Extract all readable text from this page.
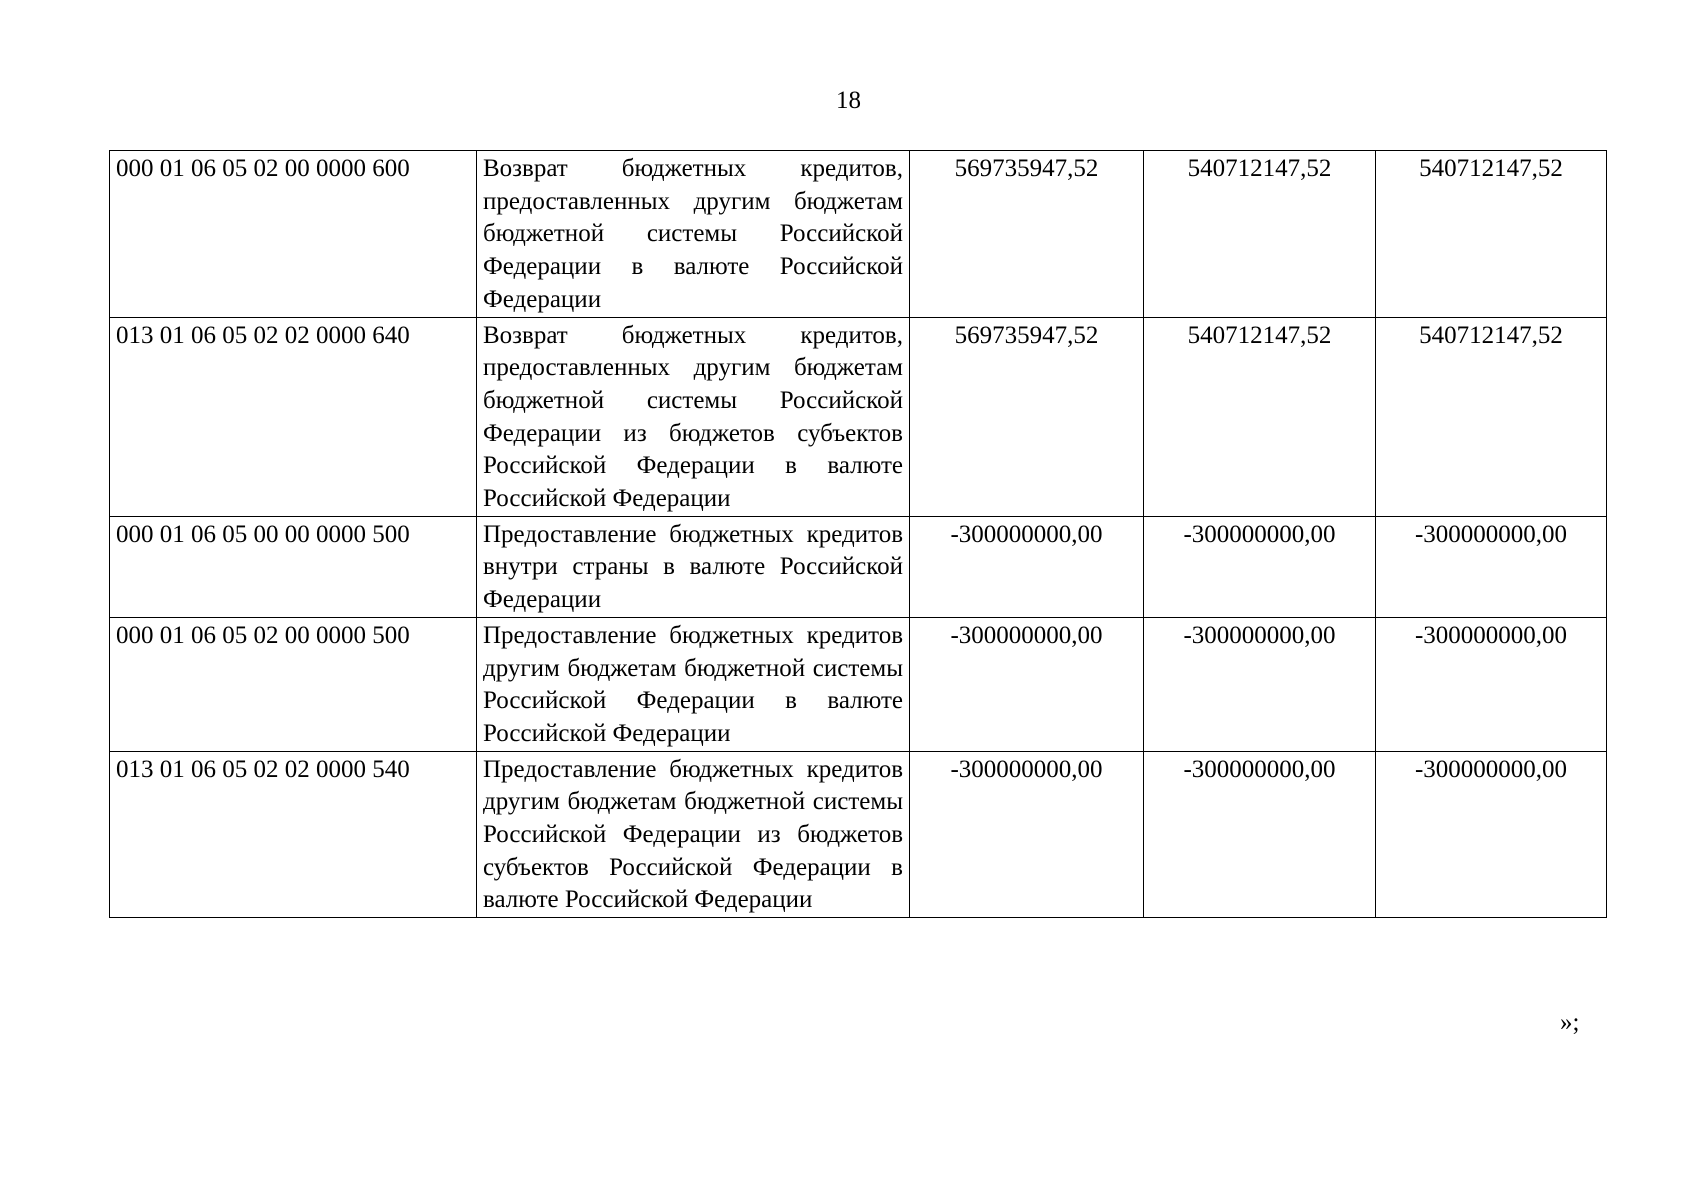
18
000 01 06 05 02 00 0000 600	Возврат бюджетных кредитов, предоставленных другим бюджетам бюджетной системы Российской Федерации в валюте Российской Федерации	569735947,52	540712147,52	540712147,52
013 01 06 05 02 02 0000 640	Возврат бюджетных кредитов, предоставленных другим бюджетам бюджетной системы Российской Федерации из бюджетов субъектов Российской Федерации в валюте Российской Федерации	569735947,52	540712147,52	540712147,52
000 01 06 05 00 00 0000 500	Предоставление бюджетных кредитов внутри страны в валюте Российской Федерации	-300000000,00	-300000000,00	-300000000,00
000 01 06 05 02 00 0000 500	Предоставление бюджетных кредитов другим бюджетам бюджетной системы Российской Федерации в валюте Российской Федерации	-300000000,00	-300000000,00	-300000000,00
013 01 06 05 02 02 0000 540	Предоставление бюджетных кредитов другим бюджетам бюджетной системы Российской Федерации из бюджетов субъектов Российской Федерации в валюте Российской Федерации	-300000000,00	-300000000,00	-300000000,00
»;
